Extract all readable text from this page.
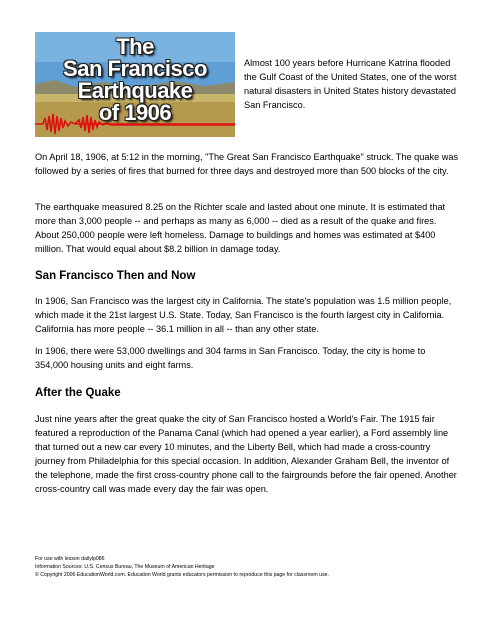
The
San Francisco
Earthquake
of 1906
Almost 100 years before Hurricane Katrina flooded the Gulf Coast of the United States, one of the worst natural disasters in United States history devastated San Francisco.
On April 18, 1906, at 5:12 in the morning, "The Great San Francisco Earthquake" struck. The quake was followed by a series of fires that burned for three days and destroyed more than 500 blocks of the city.
The earthquake measured 8.25 on the Richter scale and lasted about one minute. It is estimated that more than 3,000 people -- and perhaps as many as 6,000 -- died as a result of the quake and fires. About 250,000 people were left homeless. Damage to buildings and homes was estimated at $400 million. That would equal about $8.2 billion in damage today.
San Francisco Then and Now
In 1906, San Francisco was the largest city in California. The state's population was 1.5 million people, which made it the 21st largest U.S. State. Today, San Francisco is the fourth largest city in California. California has more people -- 36.1 million in all -- than any other state.
In 1906, there were 53,000 dwellings and 304 farms in San Francisco. Today, the city is home to 354,000 housing units and eight farms.
After the Quake
Just nine years after the great quake the city of San Francisco hosted a World's Fair. The 1915 fair featured a reproduction of the Panama Canal (which had opened a year earlier), a Ford assembly line that turned out a new car every 10 minutes, and the Liberty Bell, which had made a cross-country journey from Philadelphia for this special occasion. In addition, Alexander Graham Bell, the inventor of the telephone, made the first cross-country phone call to the fairgrounds before the fair opened. Another cross-country call was made every day the fair was open.
For use with lesson dailylp086
Information Sources: U.S. Census Bureau, The Museum of American Heritage
© Copyright 2006 EducationWorld.com. Education World grants educators permission to reproduce this page for classroom use.
